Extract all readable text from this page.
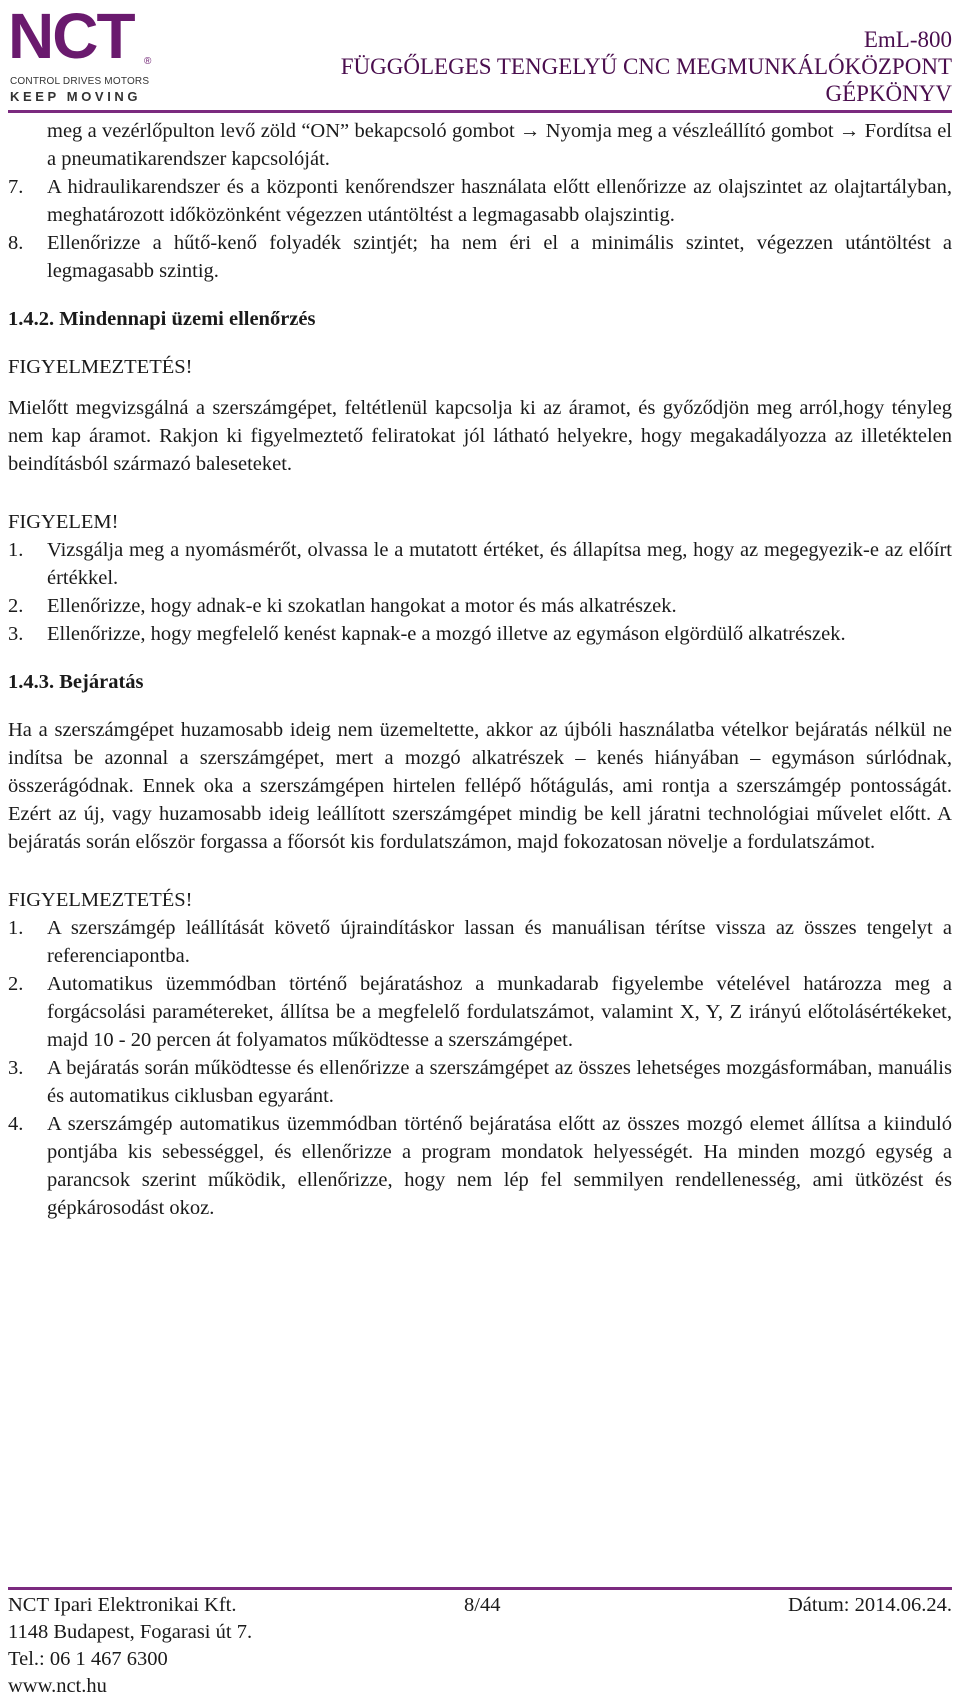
NCT ®
CONTROL DRIVES MOTORS
KEEP MOVING
EmL-800
FÜGGŐLEGES TENGELYŰ CNC MEGMUNKÁLÓKÖZPONT
GÉPKÖNYV
meg a vezérlőpulton levő zöld “ON” bekapcsoló gombot → Nyomja meg a vészleállító gombot → Fordítsa el a pneumatikarendszer kapcsolóját.
7. A hidraulikarendszer és a központi kenőrendszer használata előtt ellenőrizze az olajszintet az olajtartályban, meghatározott időközönként végezzen utántöltést a legmagasabb olajszintig.
8. Ellenőrizze a hűtő-kenő folyadék szintjét; ha nem éri el a minimális szintet, végezzen utántöltést a legmagasabb szintig.
1.4.2. Mindennapi üzemi ellenőrzés
FIGYELMEZTETÉS!
Mielőtt megvizsgálná a szerszámgépet, feltétlenül kapcsolja ki az áramot, és győződjön meg arról,hogy tényleg nem kap áramot. Rakjon ki figyelmeztető feliratokat jól látható helyekre, hogy megakadályozza az illetéktelen beindításból származó baleseteket.
FIGYELEM!
1. Vizsgálja meg a nyomásmérőt, olvassa le a mutatott értéket, és állapítsa meg, hogy az megegyezik-e az előírt értékkel.
2. Ellenőrizze, hogy adnak-e ki szokatlan hangokat a motor és más alkatrészek.
3. Ellenőrizze, hogy megfelelő kenést kapnak-e a mozgó illetve az egymáson elgördülő alkatrészek.
1.4.3. Bejáratás
Ha a szerszámgépet huzamosabb ideig nem üzemeltette, akkor az újbóli használatba vételkor bejáratás nélkül ne indítsa be azonnal a szerszámgépet, mert a mozgó alkatrészek – kenés hiányában – egymáson súrlódnak, összerágódnak. Ennek oka a szerszámgépen hirtelen fellépő hőtágulás, ami rontja a szerszámgép pontosságát. Ezért az új, vagy huzamosabb ideig leállított szerszámgépet mindig be kell járatni technológiai művelet előtt. A bejáratás során először forgassa a főorsót kis fordulatszámon, majd fokozatosan növelje a fordulatszámot.
FIGYELMEZTETÉS!
1. A szerszámgép leállítását követő újraindításkor lassan és manuálisan térítse vissza az összes tengelyt a referenciapontba.
2. Automatikus üzemmódban történő bejáratáshoz a munkadarab figyelembe vételével határozza meg a forgácsolási paramétereket, állítsa be a megfelelő fordulatszámot, valamint X, Y, Z irányú előtolásértékeket, majd 10 - 20 percen át folyamatos működtesse a szerszámgépet.
3. A bejáratás során működtesse és ellenőrizze a szerszámgépet az összes lehetséges mozgásformában, manuális és automatikus ciklusban egyaránt.
4. A szerszámgép automatikus üzemmódban történő bejáratása előtt az összes mozgó elemet állítsa a kiinduló pontjába kis sebességgel, és ellenőrizze a program mondatok helyességét. Ha minden mozgó egység a parancsok szerint működik, ellenőrizze, hogy nem lép fel semmilyen rendellenesség, ami ütközést és gépkárosodást okoz.
NCT Ipari Elektronikai Kft.	8/44	Dátum: 2014.06.24.
1148 Budapest, Fogarasi út 7.
Tel.: 06 1 467 6300
www.nct.hu
